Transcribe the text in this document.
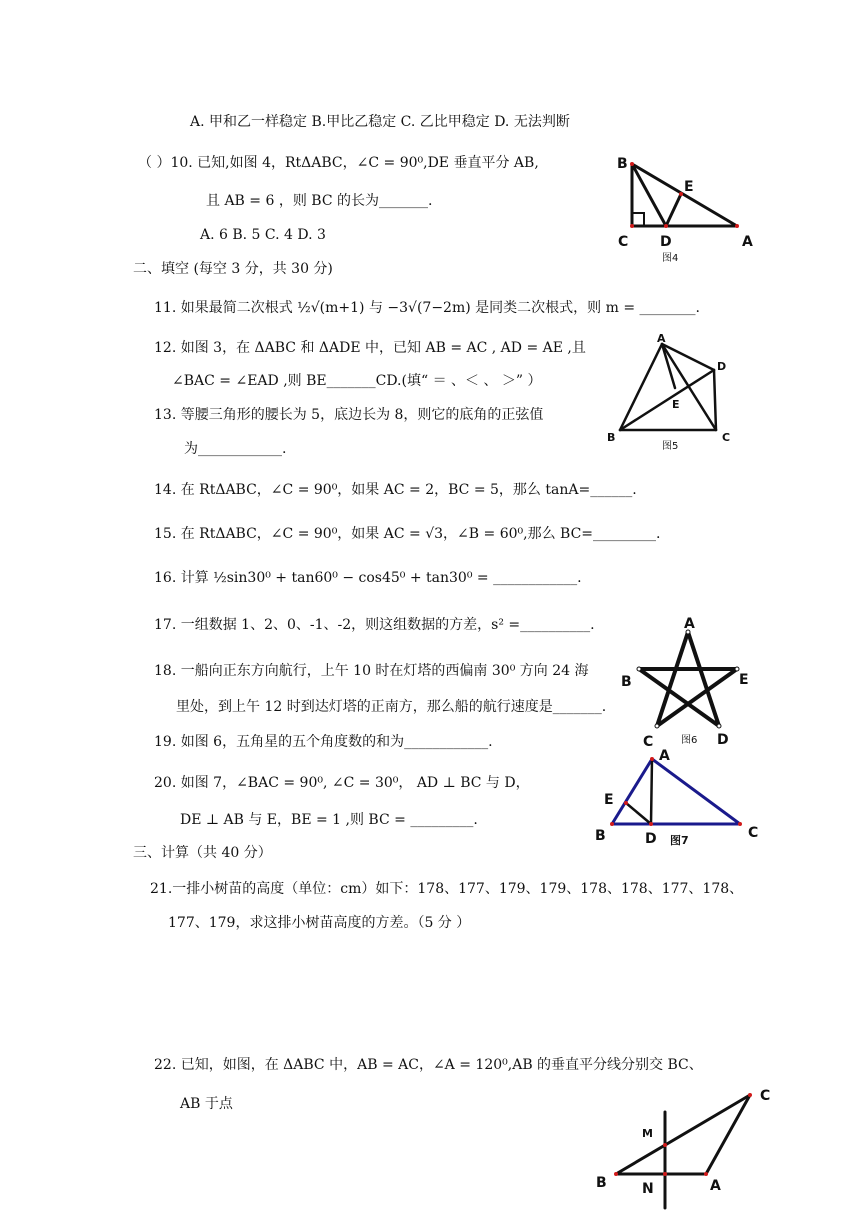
A. 甲和乙一样稳定 B.甲比乙稳定 C. 乙比甲稳定 D. 无法判断
（ ）10. 已知,如图 4，RtΔABC，∠C = 90⁰,DE 垂直平分 AB,
且 AB = 6 ，则 BC 的长为_______.
A. 6 B. 5 C. 4 D. 3
二、填空 (每空 3 分，共 30 分)
11. 如果最简二次根式 ½√(m+1) 与 −3√(7−2m) 是同类二次根式，则 m = ________.
12. 如图 3，在 ΔABC 和 ΔADE 中，已知 AB = AC , AD = AE ,且
∠BAC = ∠EAD ,则 BE_______CD.(填“ ＝ 、＜ 、 ＞” ）
13. 等腰三角形的腰长为 5，底边长为 8，则它的底角的正弦值
为____________.
14. 在 RtΔABC，∠C = 90⁰，如果 AC = 2，BC = 5，那么 tanA=______.
15. 在 RtΔABC，∠C = 90⁰，如果 AC = √3，∠B = 60⁰,那么 BC=_________.
16. 计算 ½sin30⁰ + tan60⁰ − cos45⁰ + tan30⁰ = ____________.
17. 一组数据 1、2、0、-1、-2，则这组数据的方差，s² =__________.
18. 一船向正东方向航行，上午 10 时在灯塔的西偏南 30⁰ 方向 24 海
里处，到上午 12 时到达灯塔的正南方，那么船的航行速度是_______.
19. 如图 6，五角星的五个角度数的和为____________.
20. 如图 7，∠BAC = 90⁰, ∠C = 30⁰， AD ⊥ BC 与 D，
DE ⊥ AB 与 E，BE = 1 ,则 BC = _________.
三、计算（共 40 分）
21.一排小树苗的高度（单位：cm）如下：178、177、179、179、178、178、177、178、
177、179，求这排小树苗高度的方差。（5 分 ）
22. 已知，如图，在 ΔABC 中，AB = AC，∠A = 120⁰,AB 的垂直平分线分别交 BC、
AB 于点
B
E
C D	A
图4
A
D
E
B	C
图5
A
B	E
C	D
图6
A
E
B	D	C
图7
C
M
B	N	A
